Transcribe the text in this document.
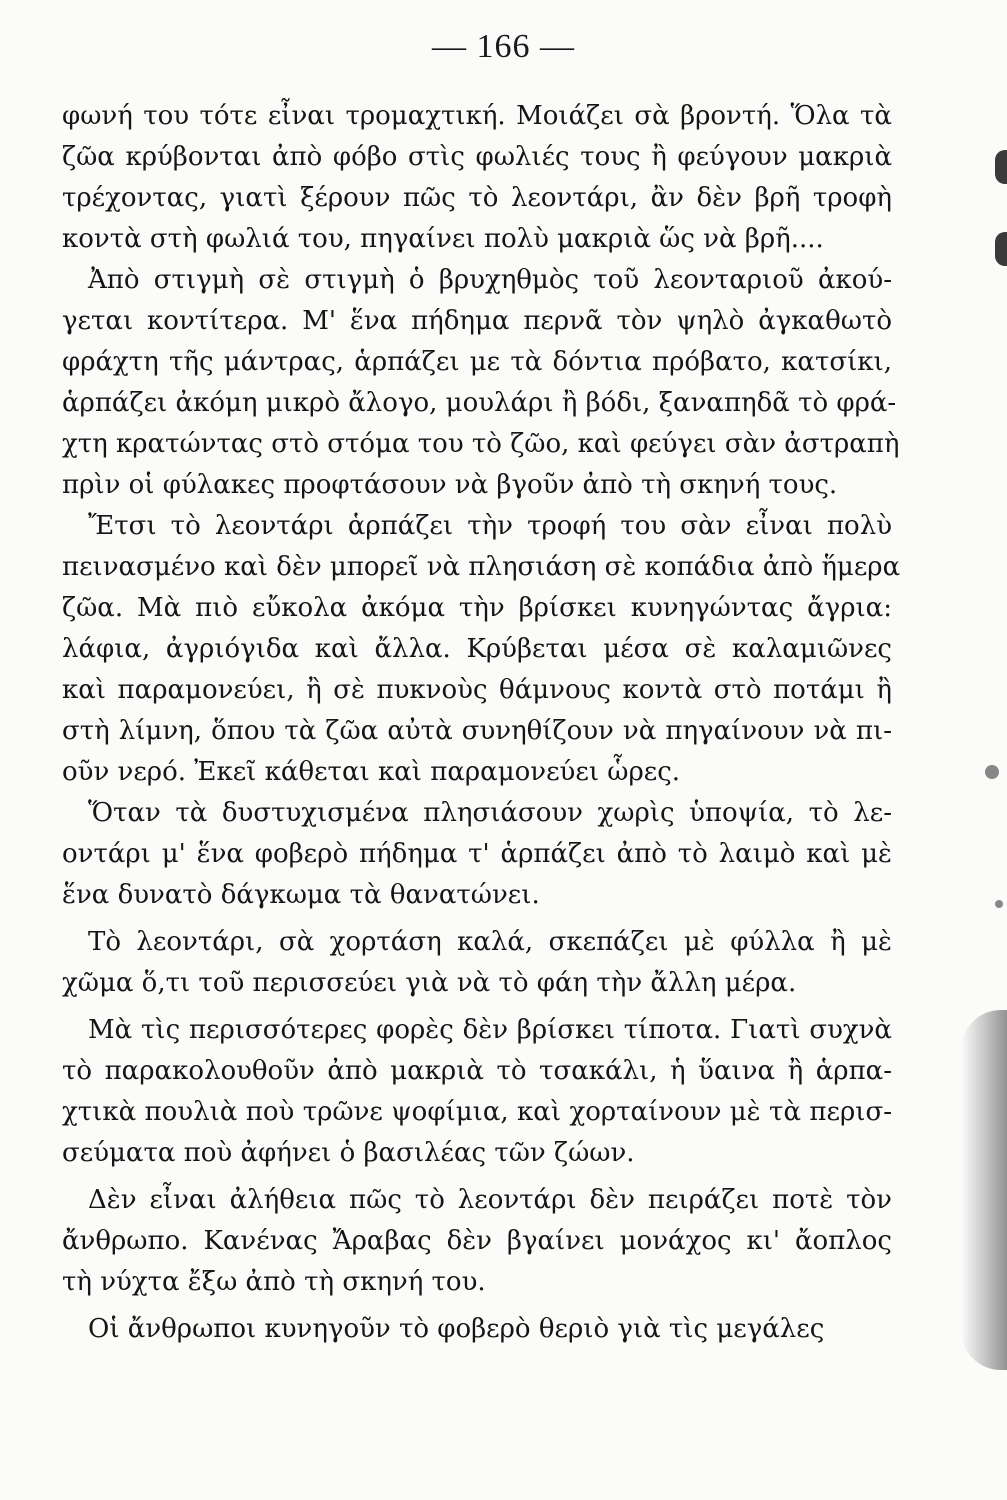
— 166 —
φωνή του τότε εἶναι τρομαχτική. Μοιάζει σὰ βροντή. Ὅλα τὰ
ζῶα κρύβονται ἀπὸ φόβο στὶς φωλιές τους ἢ φεύγουν μακριὰ
τρέχοντας, γιατὶ ξέρουν πῶς τὸ λεοντάρι, ἂν δὲν βρῆ τροφὴ
κοντὰ στὴ φωλιά του, πηγαίνει πολὺ μακριὰ ὥς νὰ βρῆ....
Ἀπὸ στιγμὴ σὲ στιγμὴ ὁ βρυχηθμὸς τοῦ λεονταριοῦ ἀκού-
γεται κοντίτερα. Μ' ἕνα πήδημα περνᾶ τὸν ψηλὸ ἀγκαθωτὸ
φράχτη τῆς μάντρας, ἁρπάζει με τὰ δόντια πρόβατο, κατσίκι,
ἁρπάζει ἀκόμη μικρὸ ἄλογο, μουλάρι ἢ βόδι, ξαναπηδᾶ τὸ φρά-
χτη κρατώντας στὸ στόμα του τὸ ζῶο, καὶ φεύγει σὰν ἀστραπὴ
πρὶν οἱ φύλακες προφτάσουν νὰ βγοῦν ἀπὸ τὴ σκηνή τους.
Ἔτσι τὸ λεοντάρι ἁρπάζει τὴν τροφή του σὰν εἶναι πολὺ
πεινασμένο καὶ δὲν μπορεῖ νὰ πλησιάση σὲ κοπάδια ἀπὸ ἥμερα
ζῶα. Μὰ πιὸ εὔκολα ἀκόμα τὴν βρίσκει κυνηγώντας ἄγρια:
λάφια, ἀγριόγιδα καὶ ἄλλα. Κρύβεται μέσα σὲ καλαμιῶνες
καὶ παραμονεύει, ἢ σὲ πυκνοὺς θάμνους κοντὰ στὸ ποτάμι ἢ
στὴ λίμνη, ὅπου τὰ ζῶα αὐτὰ συνηθίζουν νὰ πηγαίνουν νὰ πι-
οῦν νερό. Ἐκεῖ κάθεται καὶ παραμονεύει ὧρες.
Ὅταν τὰ δυστυχισμένα πλησιάσουν χωρὶς ὑποψία, τὸ λε-
οντάρι μ' ἕνα φοβερὸ πήδημα τ' ἁρπάζει ἀπὸ τὸ λαιμὸ καὶ μὲ
ἕνα δυνατὸ δάγκωμα τὰ θανατώνει.
Τὸ λεοντάρι, σὰ χορτάση καλά, σκεπάζει μὲ φύλλα ἢ μὲ
χῶμα ὅ,τι τοῦ περισσεύει γιὰ νὰ τὸ φάη τὴν ἄλλη μέρα.
Μὰ τὶς περισσότερες φορὲς δὲν βρίσκει τίποτα. Γιατὶ συχνὰ
τὸ παρακολουθοῦν ἀπὸ μακριὰ τὸ τσακάλι, ἡ ὕαινα ἢ ἁρπα-
χτικὰ πουλιὰ ποὺ τρῶνε ψοφίμια, καὶ χορταίνουν μὲ τὰ περισ-
σεύματα ποὺ ἀφήνει ὁ βασιλέας τῶν ζώων.
Δὲν εἶναι ἀλήθεια πῶς τὸ λεοντάρι δὲν πειράζει ποτὲ τὸν
ἄνθρωπο. Κανένας Ἄραβας δὲν βγαίνει μονάχος κι' ἄοπλος
τὴ νύχτα ἔξω ἀπὸ τὴ σκηνή του.
Οἱ ἄνθρωποι κυνηγοῦν τὸ φοβερὸ θεριὸ γιὰ τὶς μεγάλες
